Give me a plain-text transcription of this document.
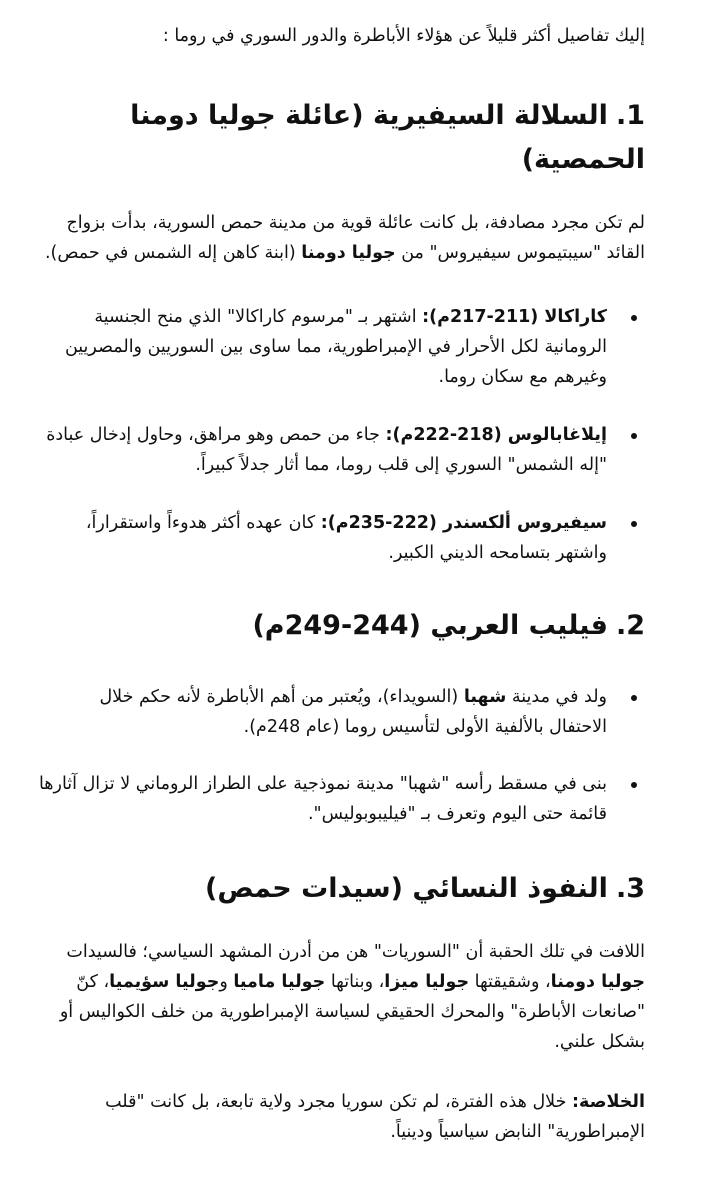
إليك تفاصيل أكثر قليلاً عن هؤلاء الأباطرة والدور السوري في روما :

1.السلالة السيفيرية (عائلة جوليا دومنا الحمصية)

لم تكن مجرد مصادفة، بل كانت عائلة قوية من مدينة حمص السورية، بدأت بزواج القائد "سيبتيموس سيفيروس" من جوليا دومنا (ابنة كاهن إله الشمس في حمص).

كاراكالا (211-217م): اشتهر بـ "مرسوم كاراكالا" الذي منح الجنسية الرومانية لكل الأحرار في الإمبراطورية، مما ساوى بين السوريين والمصريين وغيرهم مع سكان روما.
إيلاغابالوس (218-222م): جاء من حمص وهو مراهق، وحاول إدخال عبادة "إله الشمس" السوري إلى قلب روما، مما أثار جدلاً كبيراً.
سيفيروس ألكسندر (222-235م): كان عهده أكثر هدوءاً واستقراراً، واشتهر بتسامحه الديني الكبير.
2.فيليب العربي (244-249م)
ولد في مدينة شهبا (السويداء)، ويُعتبر من أهم الأباطرة لأنه حكم خلال الاحتفال بالألفية الأولى لتأسيس روما (عام 248م).
بنى في مسقط رأسه "شهبا" مدينة نموذجية على الطراز الروماني لا تزال آثارها قائمة حتى اليوم وتعرف بـ "فيليبوبوليس".
3.النفوذ النسائي (سيدات حمص)

اللافت في تلك الحقبة أن "السوريات" هن من أدرن المشهد السياسي؛ فالسيدات جوليا دومنا، وشقيقتها جوليا ميزا، وبناتها جوليا ماميا وجوليا سؤيميا، كنّ "صانعات الأباطرة" والمحرك الحقيقي لسياسة الإمبراطورية من خلف الكواليس أو بشكل علني.

الخلاصة: خلال هذه الفترة، لم تكن سوريا مجرد ولاية تابعة، بل كانت "قلب الإمبراطورية" النابض سياسياً ودينياً.
